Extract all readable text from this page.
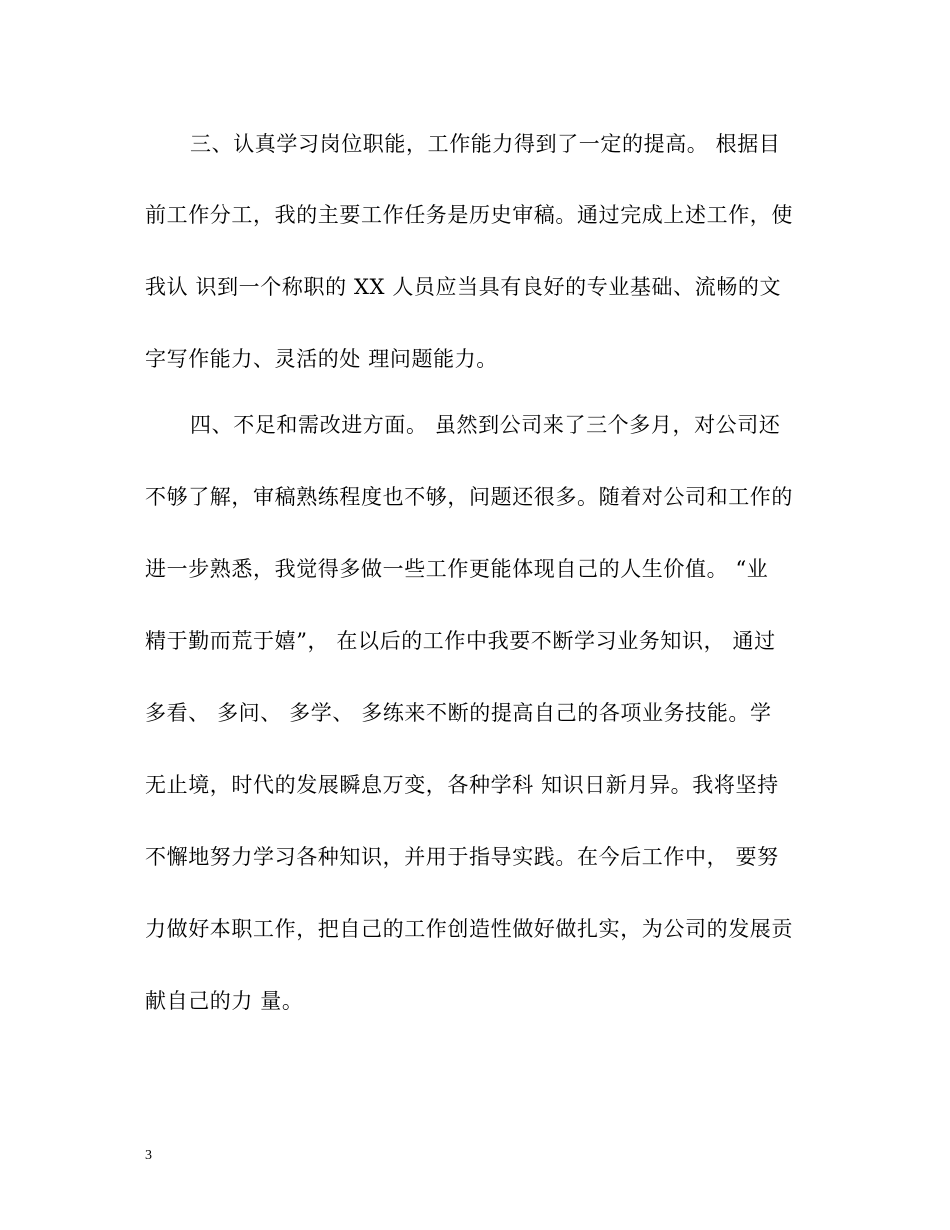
三、认真学习岗位职能，工作能力得到了一定的提高。 根据目
前工作分工，我的主要工作任务是历史审稿。通过完成上述工作，使
我认 识到一个称职的 XX 人员应当具有良好的专业基础、流畅的文
字写作能力、灵活的处 理问题能力。
四、不足和需改进方面。 虽然到公司来了三个多月，对公司还
不够了解，审稿熟练程度也不够，问题还很多。随着对公司和工作的
进一步熟悉，我觉得多做一些工作更能体现自己的人生价值。 “业
精于勤而荒于嬉”， 在以后的工作中我要不断学习业务知识， 通过
多看、 多问、 多学、 多练来不断的提高自己的各项业务技能。学
无止境，时代的发展瞬息万变，各种学科 知识日新月异。我将坚持
不懈地努力学习各种知识，并用于指导实践。在今后工作中， 要努
力做好本职工作，把自己的工作创造性做好做扎实，为公司的发展贡
献自己的力 量。
3
